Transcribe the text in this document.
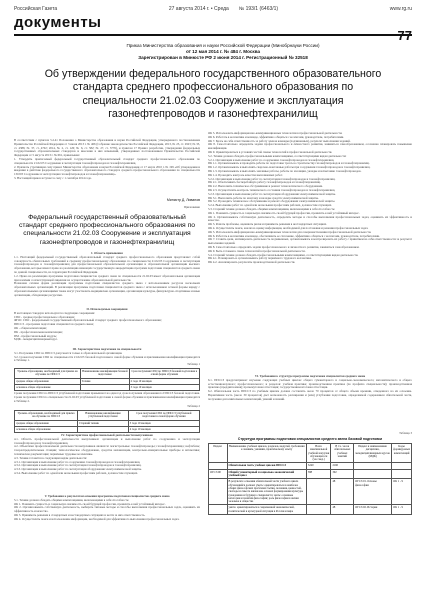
Российская Газета	27 августа 2014 г. • Среда № 193/1 (6463/1)	www.rg.ru
документы
Приказ Министерства образования и науки Российской Федерации (Минобрнауки России)
от 12 мая 2014 г. № 484 г. Москва
Зарегистрирован в Минюсте РФ 2 июня 2014 г. Регистрационный № 32518
Об утверждении федерального государственного образовательного стандарта среднего профессионального образования по специальности 21.02.03 Сооружение и эксплуатация газонефтепроводов и газонефтехранилищ
В соответствии с пунктом 5.2.41 Положения о Министерстве образования и науки Российской Федерации, утвержденного постановлением Правительства Российской Федерации от 3 июня 2013 г. № 466 (Собрание законодательства Российской Федерации, 2013, № 23, ст. 2923; № 33, ст. 4386; № 37, ст. 4702; 2014, № 2, ст. 126; № 6, ст. 582; № 27, ст. 3776), и пунктом 17 Правил разработки, утверждения федеральных государственных образовательных стандартов и внесения в них изменений, утвержденных постановлением Правительства Российской Федерации от 5 августа 2013 г. № 661, приказываю:
1. Утвердить прилагаемый федеральный государственный образовательный стандарт среднего профессионального образования по специальности 21.02.03 Сооружение и эксплуатация газонефтепроводов и газонефтехранилищ.
2. Признать утратившим силу приказ Министерства образования и науки Российской Федерации от 17 марта 2010 г. № 199 «Об утверждении и введении в действие федерального государственного образовательного стандарта среднего профессионального образования по специальности 131003 Сооружение и эксплуатация газонефтепроводов и газонефтехранилищ».
3. Настоящий приказ вступает в силу с 1 сентября 2014 года.
Министр Д. Ливанов
Приложение
Федеральный государственный образовательный стандарт среднего профессионального образования по специальности 21.02.03 Сооружение и эксплуатация газонефтепроводов и газонефтехранилищ
I. Область применения
1.1. Настоящий федеральный государственный образовательный стандарт среднего профессионального образования представляет собой совокупность обязательных требований к среднему профессиональному образованию по специальности 21.02.03 Сооружение и эксплуатация газонефтепроводов и газонефтехранилищ для профессиональной образовательной организации и образовательной организации высшего образования, которые имеют право на реализацию имеющих государственную аккредитацию программ подготовки специалистов среднего звена по данной специальности, на территории Российской Федерации.
1.2. Право на реализацию программы подготовки специалистов среднего звена по специальности 21.02.03 имеет образовательная организация при наличии соответствующей лицензии на осуществление образовательной деятельности.
Возможна сетевая форма реализации программы подготовки специалистов среднего звена с использованием ресурсов нескольких образовательных организаций. В реализации программы подготовки специалистов среднего звена с использованием сетевой формы наряду с образовательными организациями также могут участвовать медицинские организации, организации культуры, физкультурно-спортивные и иные организации, обладающие ресурсами.
II. Используемые сокращения
В настоящем стандарте используются следующие сокращения:
СПО - среднее профессиональное образование;
ФГОС СПО - федеральный государственный образовательный стандарт среднего профессионального образования;
ППССЗ - программа подготовки специалистов среднего звена;
ОК - общая компетенция;
ПК - профессиональная компетенция;
ПМ - профессиональный модуль;
МДК - междисциплинарный курс.
III. Характеристика подготовки по специальности
3.1. Получение СПО по ППССЗ допускается только в образовательной организации.
3.2. Сроки получения СПО по специальности 21.02.03 базовой подготовки в очной форме обучения и присваиваемая квалификация приводятся в Таблице 1.
Таблица 1
Уровень образования, необходимый для приема на обучение по ППССЗ	Наименование квалификации базовой подготовки	Срок получения СПО по ППССЗ базовой подготовки в очной форме обучения
среднее общее образование	Техник	2 года 10 месяцев
основное общее образование		3 года 10 месяцев
Сроки получения СПО по ППССЗ углубленной подготовки превышают на один год срок получения образования по ППССЗ базовой подготовки. Сроки получения СПО по специальности 21.02.03 углубленной подготовки в очной форме обучения и присваиваемая квалификация приводятся в Таблице 2.
Таблица 2
Уровень образования, необходимый для приема на обучение по ППССЗ	Наименование квалификации углубленной подготовки	Срок получения СПО по ППССЗ углубленной подготовки в очной форме обучения
среднее общее образование	Старший техник	3 года 10 месяцев
основное общее образование		4 года 10 месяцев
IV. Характеристика профессиональной деятельности выпускников
4.1. Область профессиональной деятельности выпускников: организация и выполнение работ по сооружению и эксплуатации газонефтепроводов и газонефтехранилищ.
4.2. Объектами профессиональной деятельности выпускников являются: магистральные газонефтепроводы; газонефтехранилища; нефтебазы; газораспределительные станции; технологическое оборудование, средства механизации, контрольно-измерительные приборы и автоматика; техническая документация; первичные трудовые коллективы.
4.3. Техник готовится к следующим видам деятельности:
4.3.1. Организация и выполнение работ по сооружению газонефтепроводов и газонефтехранилищ.
4.3.2. Организация и выполнение работ по эксплуатации газонефтепроводов и газонефтехранилищ.
4.3.3. Организация и выполнение работ по эксплуатации оборудования электрохимической защиты.
4.3.4. Выполнение работ по одной или нескольким профессиям рабочих, должностям служащих.
V. Требования к результатам освоения программы подготовки специалистов среднего звена
5.1. Техник должен обладать общими компетенциями, включающими в себя способность:
ОК 1. Понимать сущность и социальную значимость своей будущей профессии, проявлять к ней устойчивый интерес.
ОК 2. Организовывать собственную деятельность, выбирать типовые методы и способы выполнения профессиональных задач, оценивать их эффективность и качество.
ОК 3. Принимать решения в стандартных и нестандартных ситуациях и нести за них ответственность.
ОК 4. Осуществлять поиск и использование информации, необходимой для эффективного выполнения профессиональных задач.
ОК 5. Использовать информационно-коммуникационные технологии в профессиональной деятельности.
ОК 6. Работать в коллективе и команде, эффективно общаться с коллегами, руководством, потребителями.
ОК 7. Брать на себя ответственность за работу членов команды (подчиненных), результат выполнения заданий.
ОК 8. Самостоятельно определять задачи профессионального и личностного развития, заниматься самообразованием, осознанно планировать повышение квалификации.
ОК 9. Ориентироваться в условиях частой смены технологий в профессиональной деятельности.
5.2. Техник должен обладать профессиональными компетенциями, соответствующими видам деятельности:
5.2.1. Организация и выполнение работ по сооружению газонефтепроводов и газонефтехранилищ.
ПК 1.1. Организовывать и проводить работы по подготовке трассы к строительству газонефтепроводов и газонефтехранилищ.
ПК 1.2. Организовывать и выполнять сварочно-монтажные работы при сооружении газонефтепроводов и газонефтехранилищ.
ПК 1.3. Организовывать и выполнять земляные работы, работы по изоляции, укладке и испытанию газонефтепроводов.
ПК 1.4. Проводить контроль качества выполняемых работ.
5.2.2. Организация и выполнение работ по эксплуатации газонефтепроводов и газонефтехранилищ.
ПК 2.1. Обеспечивать бесперебойную работу газонефтепроводов и газонефтехранилищ.
ПК 2.2. Выполнять техническое обслуживание и ремонт технологического оборудования.
ПК 2.3. Осуществлять контроль технического состояния газонефтепроводов и газонефтехранилищ.
5.2.3. Организация и выполнение работ по эксплуатации оборудования электрохимической защиты.
ПК 3.1. Выполнять работы по монтажу и наладке средств электрохимической защиты.
ПК 3.2. Проводить техническое обслуживание и ремонт оборудования электрохимической защиты.
5.2.4. Выполнение работ по одной или нескольким профессиям рабочих, должностям служащих.
5.3. Старший техник должен обладать общими компетенциями, включающими в себя способность:
ОК 1. Понимать сущность и социальную значимость своей будущей профессии, проявлять к ней устойчивый интерес.
ОК 2. Организовывать собственную деятельность, определять методы и способы выполнения профессиональных задач, оценивать их эффективность и качество.
ОК 3. Решать проблемы, оценивать риски и принимать решения в нестандартных ситуациях.
ОК 4. Осуществлять поиск, анализ и оценку информации, необходимой для постановки и решения профессиональных задач.
ОК 5. Использовать информационно-коммуникационные технологии для совершенствования профессиональной деятельности.
ОК 6. Работать в коллективе и команде, обеспечивать ее сплочение, эффективно общаться с коллегами, руководством, потребителями.
ОК 7. Ставить цели, мотивировать деятельность подчиненных, организовывать и контролировать их работу с принятием на себя ответственности за результат выполнения заданий.
ОК 8. Самостоятельно определять задачи профессионального и личностного развития, заниматься самообразованием.
ОК 9. Быть готовым к смене технологий в профессиональной деятельности.
5.4. Старший техник должен обладать профессиональными компетенциями, соответствующими видам деятельности.
ПК 4.1. Планировать и организовывать работу первичного трудового коллектива.
ПК 4.2. Анализировать результаты производственной деятельности.
VI. Требования к структуре программы подготовки специалистов среднего звена
6.1. ППССЗ предусматривает изучение следующих учебных циклов: общего гуманитарного и социально-экономического; математического и общего естественнонаучного; профессионального; и разделов: учебная практика; производственная практика (по профилю специальности); производственная практика (преддипломная); промежуточная аттестация; государственная итоговая аттестация.
6.2. Обязательная часть ППССЗ по учебным циклам должна составлять около 70 процентов от общего объема времени, отведенного на их освоение. Вариативная часть (около 30 процентов) дает возможность расширения и (или) углубления подготовки, определяемой содержанием обязательной части, получения дополнительных компетенций, умений и знаний.
Таблица 3
Структура программы подготовки специалистов среднего звена базовой подготовки
Индекс	Наименование учебных циклов, разделов, модулей, требования к знаниям, умениям, практическому опыту	Всего максимальной учебной нагрузки обучающегося (час./нед.)	В т.ч. часов обязательных учебных занятий	Индекс и наименование дисциплин, междисциплинарных курсов (МДК)	Коды формируемых компетенций
	Обязательная часть учебных циклов ППССЗ	3240	2160		
ОГСЭ.00	Общий гуманитарный и социально-экономический учебный цикл	588	392		
	В результате освоения обязательной части учебного цикла обучающийся должен: уметь: ориентироваться в наиболее общих философских проблемах бытия, познания, ценностей, свободы и смысла жизни как основах формирования культуры гражданина и будущего специалиста; знать: основные категории и понятия философии; роль философии в жизни человека и общества		48	ОГСЭ.01. Основы философии	ОК 1 - 9
	уметь: ориентироваться в современной экономической, политической и культурной ситуации в России и мире		48	ОГСЭ.02. История	ОК 1 - 9
